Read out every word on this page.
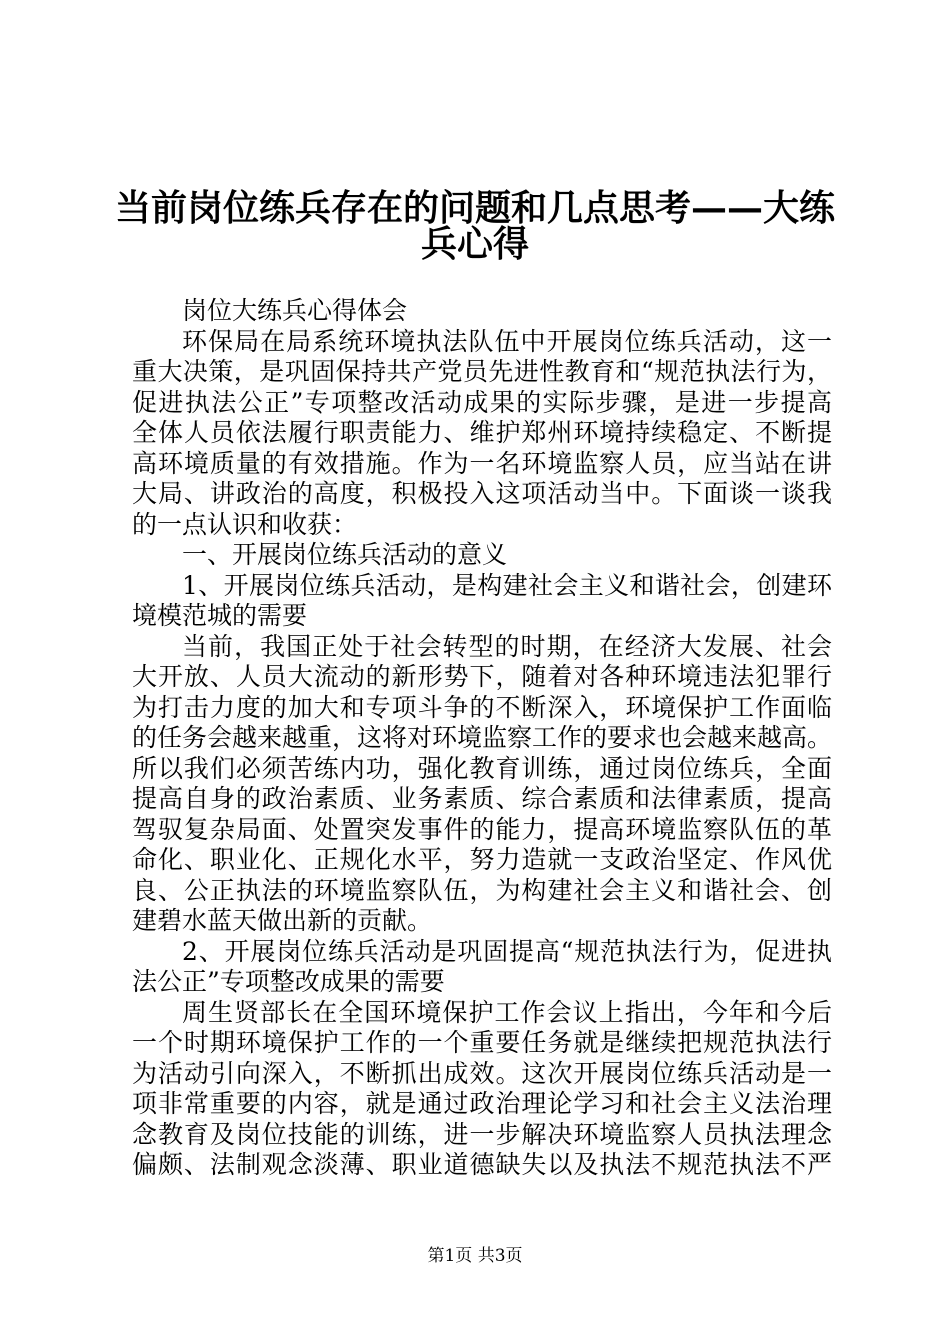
当前岗位练兵存在的问题和几点思考——大练
兵心得
岗位大练兵心得体会
环保局在局系统环境执法队伍中开展岗位练兵活动，这一
重大决策，是巩固保持共产党员先进性教育和“规范执法行为，
促进执法公正”专项整改活动成果的实际步骤，是进一步提高
全体人员依法履行职责能力、维护郑州环境持续稳定、不断提
高环境质量的有效措施。作为一名环境监察人员，应当站在讲
大局、讲政治的高度，积极投入这项活动当中。下面谈一谈我
的一点认识和收获：
一、开展岗位练兵活动的意义
1、开展岗位练兵活动，是构建社会主义和谐社会，创建环
境模范城的需要
当前，我国正处于社会转型的时期，在经济大发展、社会
大开放、人员大流动的新形势下，随着对各种环境违法犯罪行
为打击力度的加大和专项斗争的不断深入，环境保护工作面临
的任务会越来越重，这将对环境监察工作的要求也会越来越高。
所以我们必须苦练内功，强化教育训练，通过岗位练兵，全面
提高自身的政治素质、业务素质、综合素质和法律素质，提高
驾驭复杂局面、处置突发事件的能力，提高环境监察队伍的革
命化、职业化、正规化水平，努力造就一支政治坚定、作风优
良、公正执法的环境监察队伍，为构建社会主义和谐社会、创
建碧水蓝天做出新的贡献。
2、开展岗位练兵活动是巩固提高“规范执法行为，促进执
法公正”专项整改成果的需要
周生贤部长在全国环境保护工作会议上指出，今年和今后
一个时期环境保护工作的一个重要任务就是继续把规范执法行
为活动引向深入，不断抓出成效。这次开展岗位练兵活动是一
项非常重要的内容，就是通过政治理论学习和社会主义法治理
念教育及岗位技能的训练，进一步解决环境监察人员执法理念
偏颇、法制观念淡薄、职业道德缺失以及执法不规范执法不严
第1页 共3页
